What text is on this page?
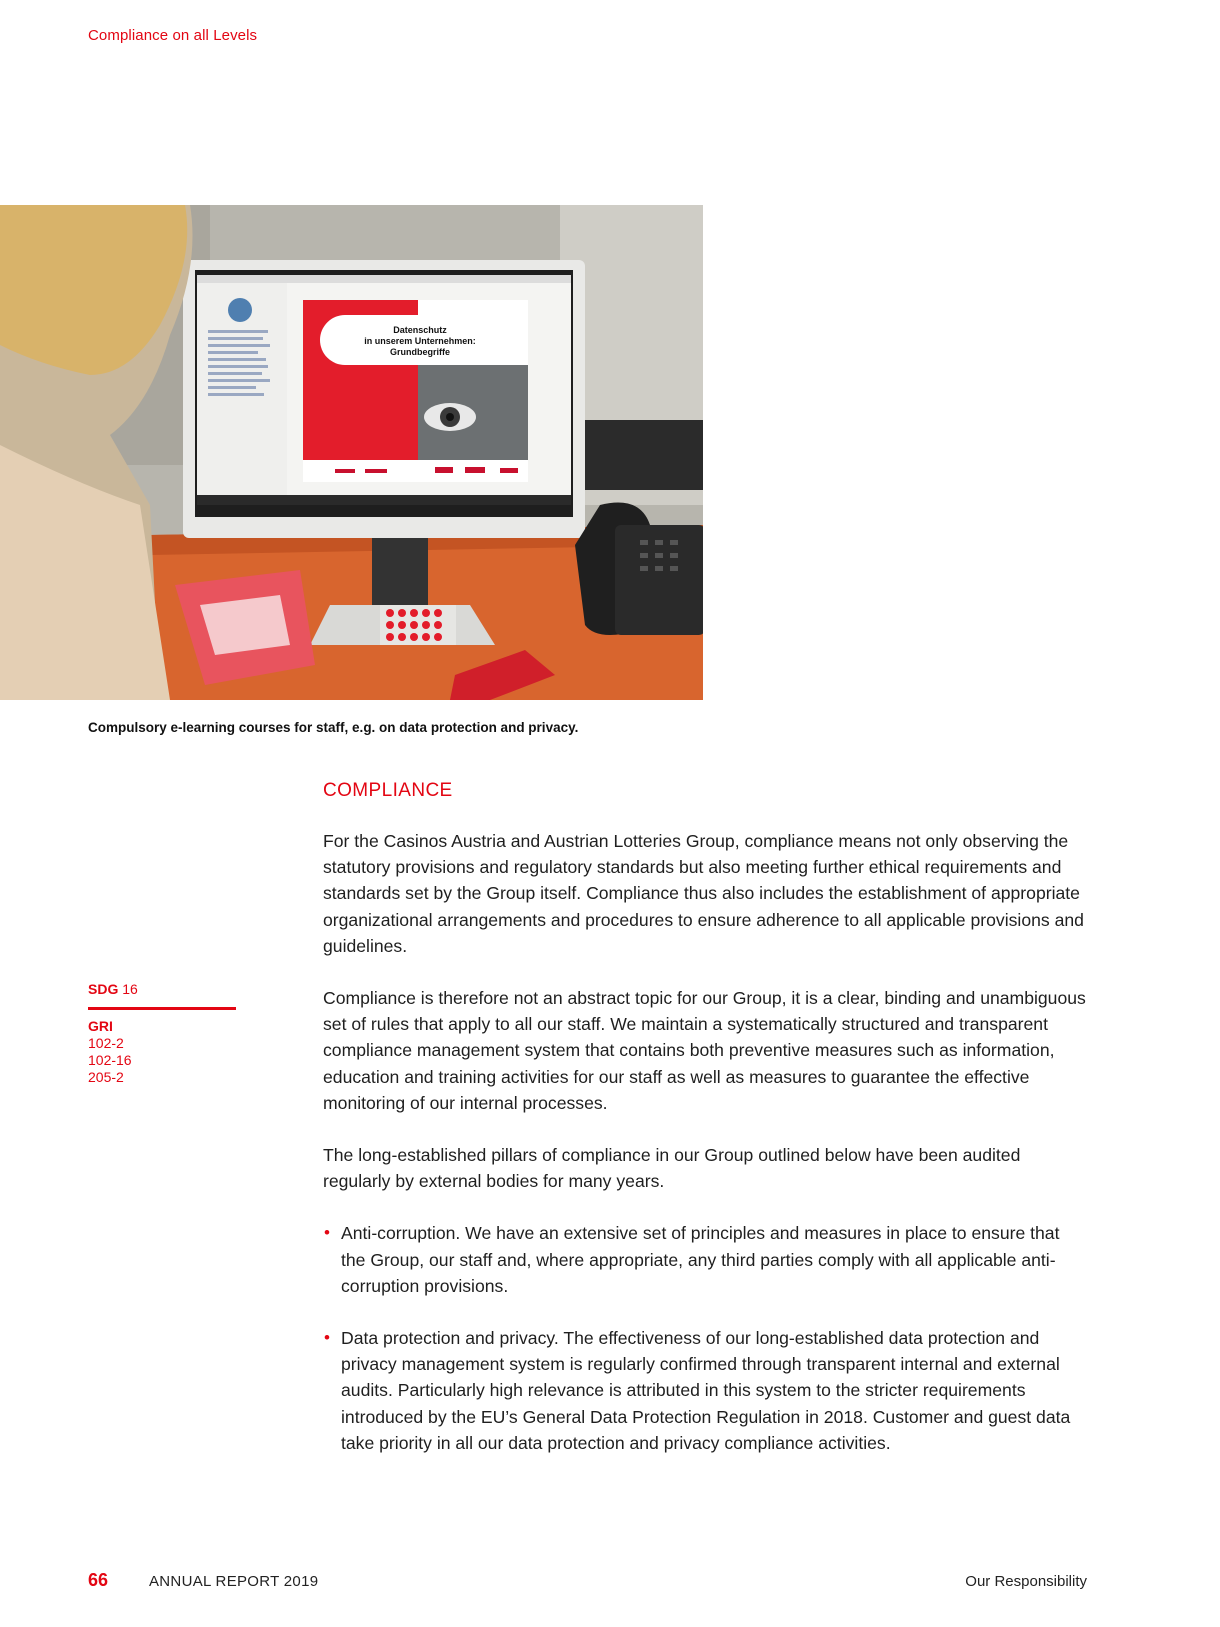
Compliance on all Levels
Datenschutz
in unserem Unternehmen:
Grundbegriffe
Compulsory e-learning courses for staff, e.g. on data protection and privacy.
COMPLIANCE
SDG 16
GRI
102-2
102-16
205-2

For the Casinos Austria and Austrian Lotteries Group, compliance means not only observing the statutory provisions and regulatory standards but also meeting further ethical requirements and standards set by the Group itself. Compliance thus also includes the establishment of appropriate organizational arrangements and procedures to ensure adherence to all applicable provisions and guidelines.

Compliance is therefore not an abstract topic for our Group, it is a clear, binding and unambiguous set of rules that apply to all our staff. We maintain a systematically structured and transparent compliance management system that contains both preventive measures such as information, education and training activities for our staff as well as measures to guarantee the effective monitoring of our internal processes.

The long-established pillars of compliance in our Group outlined below have been audited regularly by external bodies for many years.

• Anti-corruption. We have an extensive set of principles and measures in place to ensure that the Group, our staff and, where appropriate, any third parties comply with all applicable anti-corruption provisions.
• Data protection and privacy. The effectiveness of our long-established data protection and privacy management system is regularly confirmed through transparent internal and external audits. Particularly high relevance is attributed in this system to the stricter requirements introduced by the EU’s General Data Protection Regulation in 2018. Customer and guest data take priority in all our data protection and privacy compliance activities.
66	ANNUAL REPORT 2019	Our Responsibility
